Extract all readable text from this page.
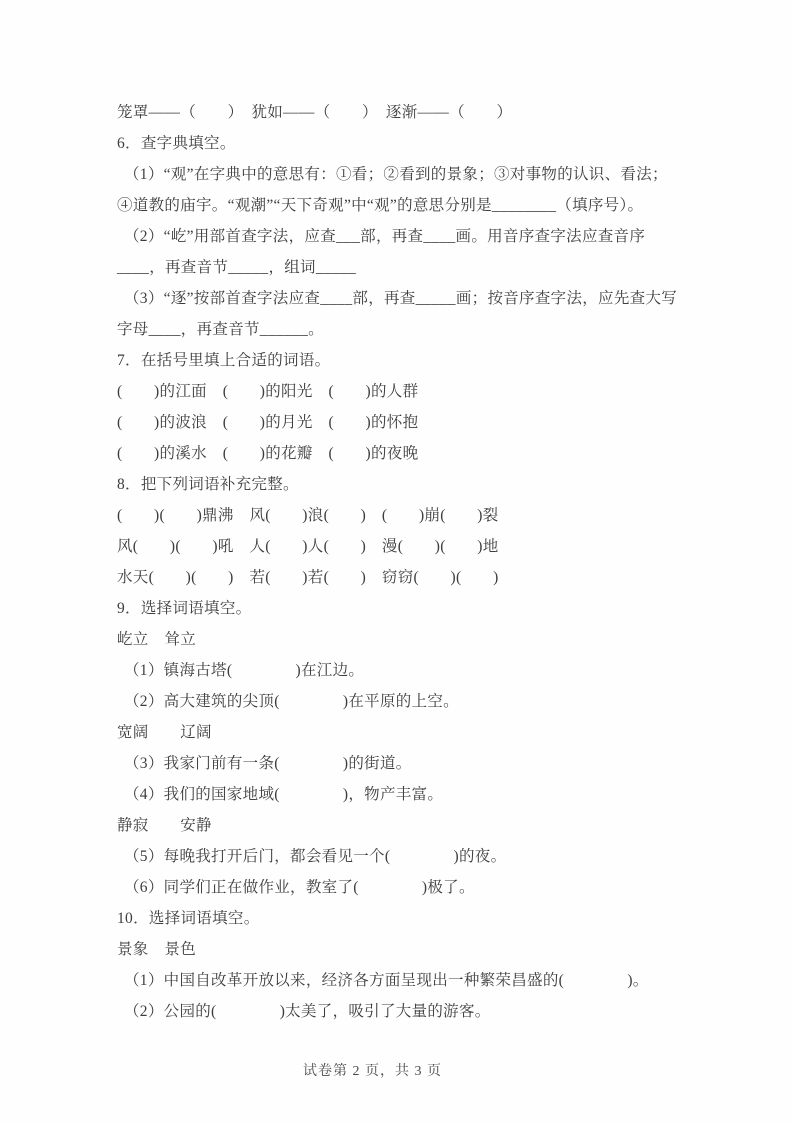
笼罩——（　　）　犹如——（　　）　逐渐——（　　）

6．查字典填空。

（1）“观”在字典中的意思有：①看；②看到的景象；③对事物的认识、看法；④道教的庙宇。“观潮”“天下奇观”中“观”的意思分别是________（填序号）。

（2）“屹”用部首查字法，应查___部，再查____画。用音序查字法应查音序____，再查音节_____，组词_____

（3）“逐”按部首查字法应查____部，再查_____画；按音序查字法，应先查大写字母____，再查音节______。

7．在括号里填上合适的词语。

(　　)的江面　(　　)的阳光　(　　)的人群

(　　)的波浪　(　　)的月光　(　　)的怀抱

(　　)的溪水　(　　)的花瓣　(　　)的夜晚

8．把下列词语补充完整。

(　　)(　　)鼎沸　风(　　)浪(　　)　(　　)崩(　　)裂

风(　　)(　　)吼　人(　　)人(　　)　漫(　　)(　　)地

水天(　　)(　　)　若(　　)若(　　)　窃窃(　　)(　　)

9．选择词语填空。

屹立　耸立

（1）镇海古塔(　　　　)在江边。

（2）高大建筑的尖顶(　　　　)在平原的上空。

宽阔　　辽阔

（3）我家门前有一条(　　　　)的街道。

（4）我们的国家地域(　　　　)，物产丰富。

静寂　　安静

（5）每晚我打开后门，都会看见一个(　　　　)的夜。

（6）同学们正在做作业，教室了(　　　　)极了。

10．选择词语填空。

景象　景色

（1）中国自改革开放以来，经济各方面呈现出一种繁荣昌盛的(　　　　)。

（2）公园的(　　　　)太美了，吸引了大量的游客。

试卷第 2 页，共 3 页
